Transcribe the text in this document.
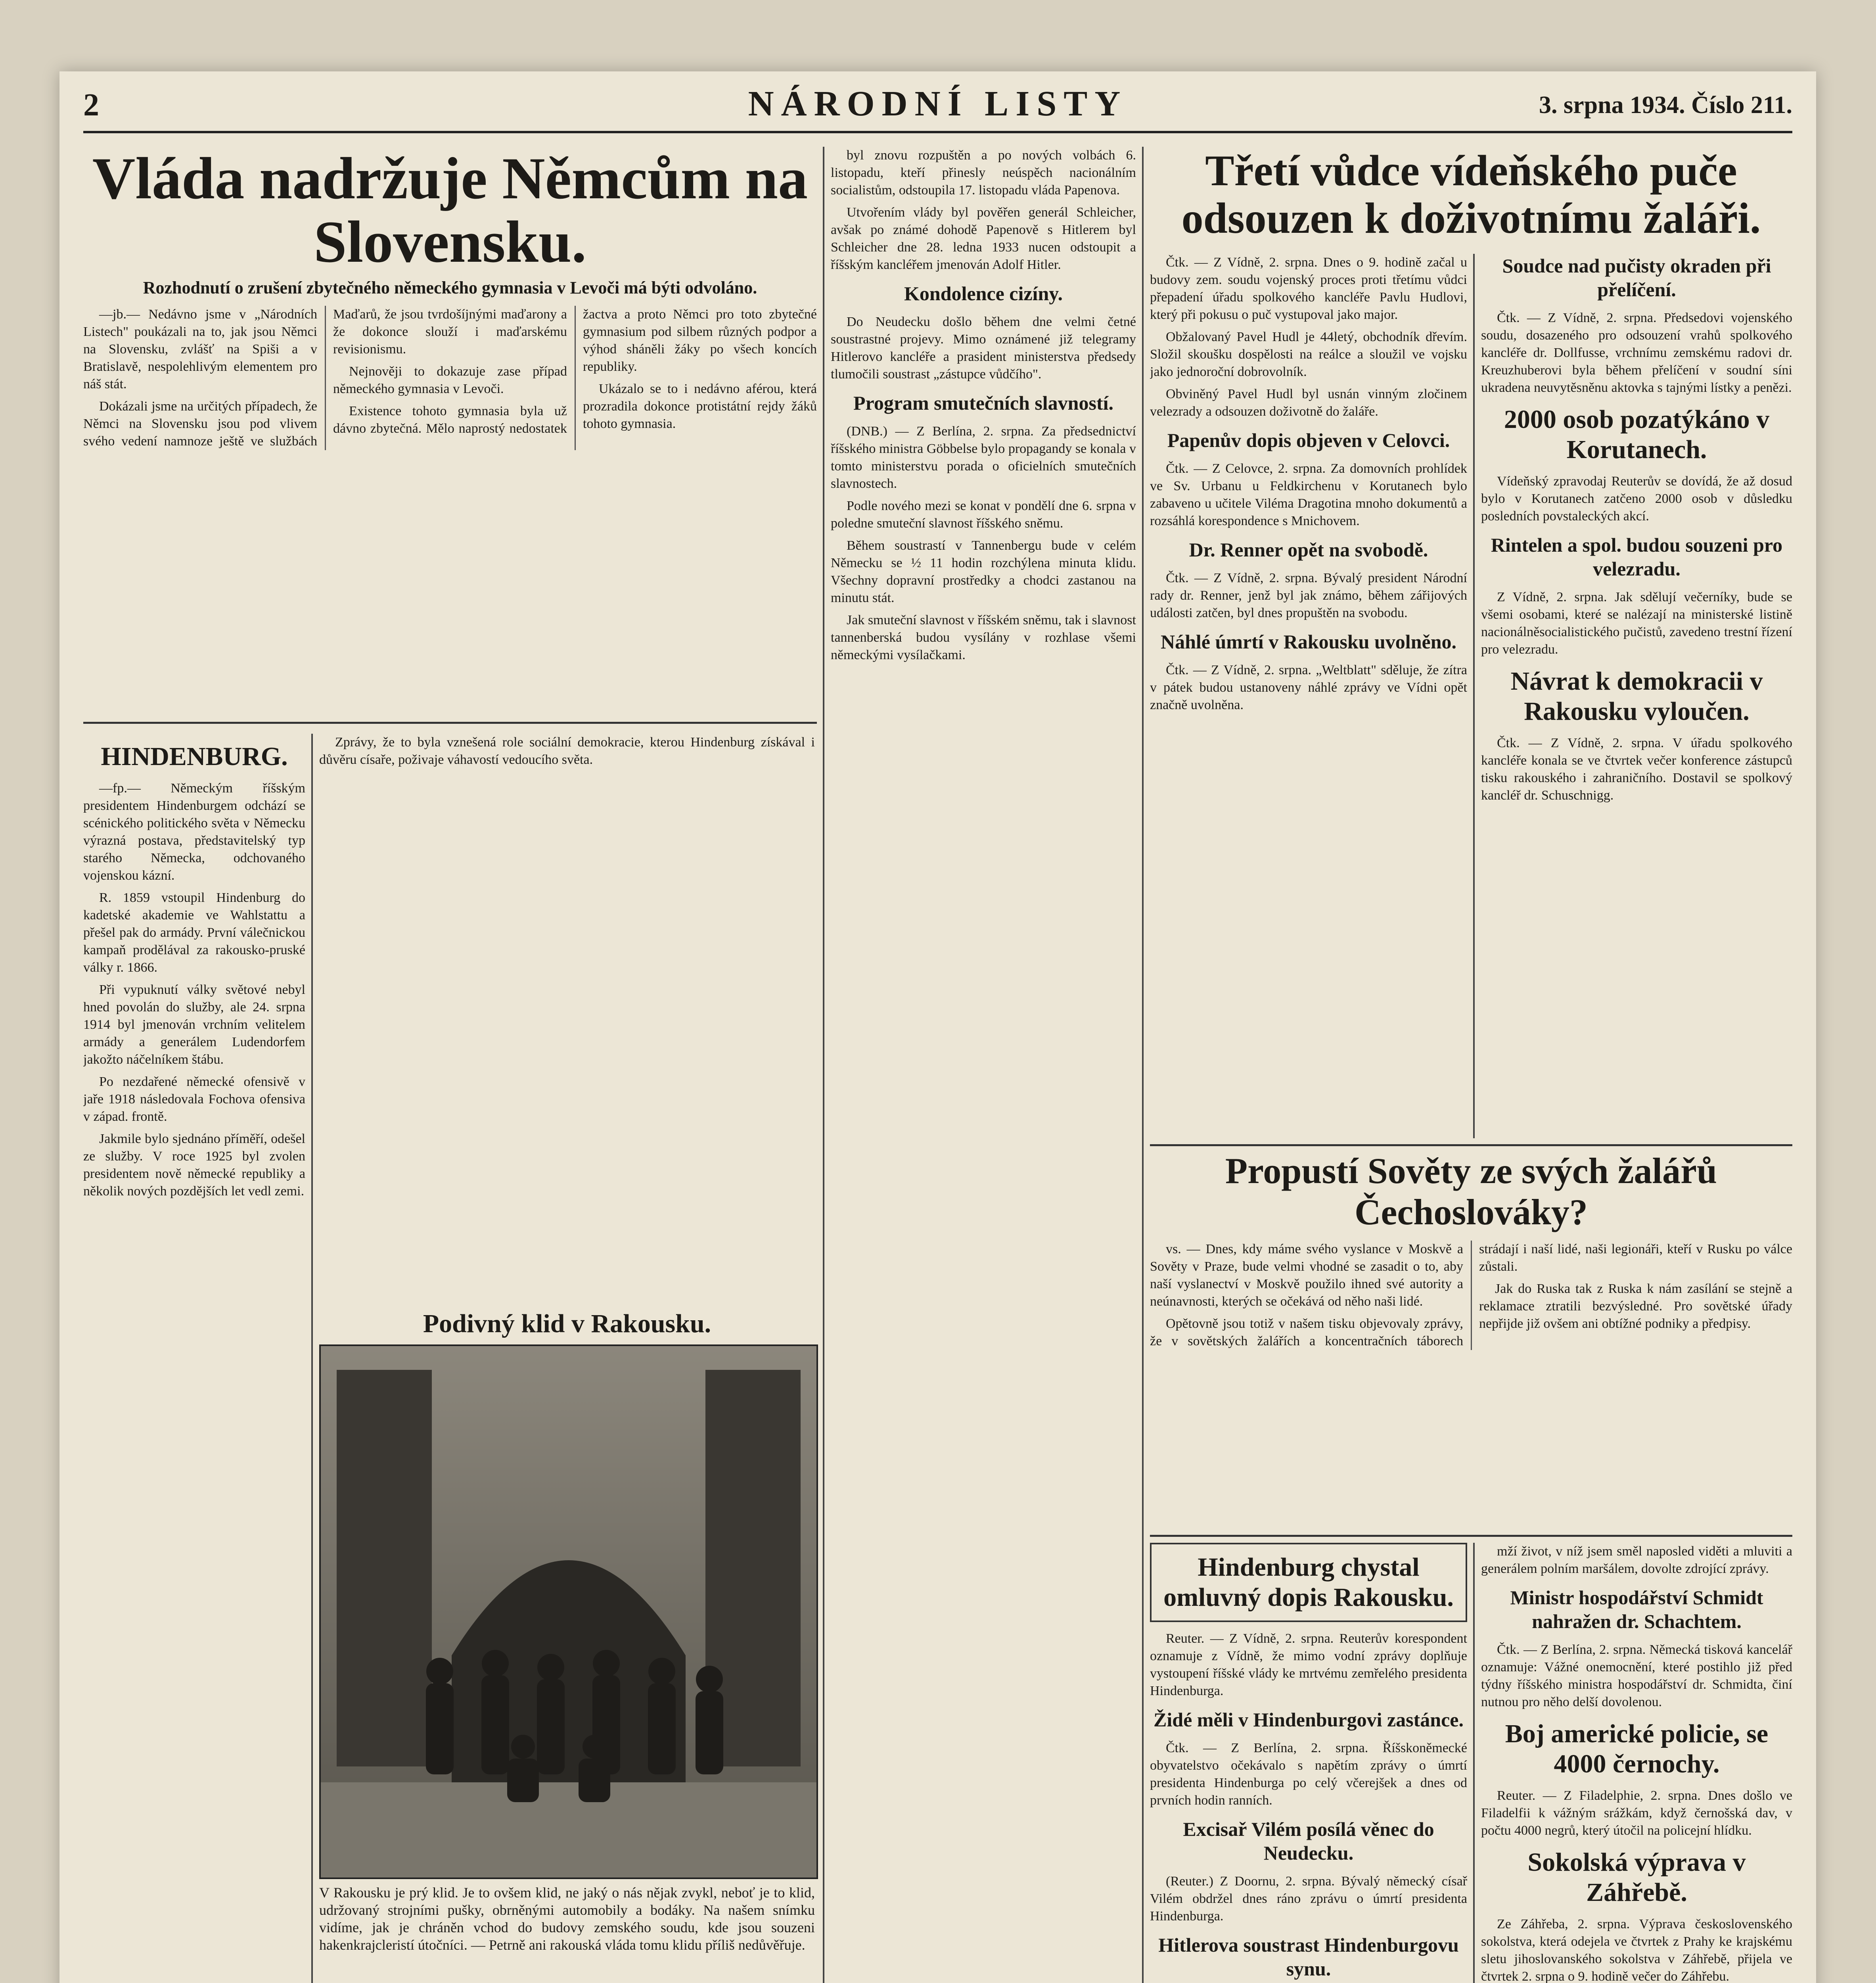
2	NÁRODNÍ LISTY	3. srpna 1934. Číslo 211.
Vláda nadržuje Němcům na Slovensku.
Rozhodnutí o zrušení zbytečného německého gymnasia v Levoči má býti odvoláno.

—jb.— Nedávno jsme v „Národních Listech" poukázali na to, jak jsou Němci na Slovensku, zvlášť na Spiši a v Bratislavě, nespolehlivým elementem pro náš stát.

Dokázali jsme na určitých případech, že Němci na Slovensku jsou pod vlivem svého vedení namnoze ještě ve službách Maďarů, že jsou tvrdošíjnými maďarony a že dokonce slouží i maďarskému revisionismu.

Nejnověji to dokazuje zase případ německého gymnasia v Levoči.

Existence tohoto gymnasia byla už dávno zbytečná. Mělo naprostý nedostatek žactva a proto Němci pro toto zbytečné gymnasium pod silbem různých podpor a výhod sháněli žáky po všech koncích republiky.

Ukázalo se to i nedávno aférou, která prozradila dokonce protistátní rejdy žáků tohoto gymnasia.

HINDENBURG.

—fp.— Německým říšským presidentem Hindenburgem odchází se scénického politického světa v Německu výrazná postava, představitelský typ starého Německa, odchovaného vojenskou kázní.

R. 1859 vstoupil Hindenburg do kadetské akademie ve Wahlstattu a přešel pak do armády. První válečnickou kampaň prodělával za rakousko-pruské války r. 1866.

Při vypuknutí války světové nebyl hned povolán do služby, ale 24. srpna 1914 byl jmenován vrchním velitelem armády a generálem Ludendorfem jakožto náčelníkem štábu.

Po nezdařené německé ofensivě v jaře 1918 následovala Fochova ofensiva v západ. frontě.

Jakmile bylo sjednáno příměří, odešel ze služby. V roce 1925 byl zvolen presidentem nově německé republiky a několik nových pozdějších let vedl zemi.

Zprávy, že to byla vznešená role sociální demokracie, kterou Hindenburg získával i důvěru císaře, poživaje váhavostí vedoucího světa.

Podivný klid v Rakousku.
V Rakousku je prý klid. Je to ovšem klid, ne jaký o nás nějak zvykl, neboť je to klid, udržovaný strojními pušky, obrněnými automobily a bodáky. Na našem snímku vidíme, jak je chráněn vchod do budovy zemského soudu, kde jsou souzeni hakenkrajcleristí útočníci. — Petrně ani rakouská vláda tomu klidu příliš nedůvěřuje.

byl znovu rozpuštěn a po nových volbách 6. listopadu, kteří přinesly neúspěch nacionálním socialistům, odstoupila 17. listopadu vláda Papenova.

Utvořením vlády byl pověřen generál Schleicher, avšak po známé dohodě Papenově s Hitlerem byl Schleicher dne 28. ledna 1933 nucen odstoupit a říšským kancléřem jmenován Adolf Hitler.

Kondolence cizíny.

Do Neudecku došlo během dne velmi četné soustrastné projevy. Mimo oznámené již telegramy Hitlerovo kancléře a prasident ministerstva předsedy tlumočili soustrast „zástupce vůdčího".

Program smutečních slavností.

(DNB.) — Z Berlína, 2. srpna. Za předsednictví říšského ministra Göbbelse bylo propagandy se konala v tomto ministerstvu porada o oficielních smutečních slavnostech.

Podle nového mezi se konat v pondělí dne 6. srpna v poledne smuteční slavnost říšského sněmu.

Během soustrastí v Tannenbergu bude v celém Německu se ½ 11 hodin rozchýlena minuta klidu. Všechny dopravní prostředky a chodci zastanou na minutu stát.

Jak smuteční slavnost v říšském sněmu, tak i slavnost tannenberská budou vysílány v rozhlase všemi německými vysílačkami.

Třetí vůdce vídeňského puče odsouzen k doživotnímu žaláři.

Čtk. — Z Vídně, 2. srpna. Dnes o 9. hodině začal u budovy zem. soudu vojenský proces proti třetímu vůdci přepadení úřadu spolkového kancléře Pavlu Hudlovi, který při pokusu o puč vystupoval jako major.

Obžalovaný Pavel Hudl je 44letý, obchodník dřevím. Složil skoušku dospělosti na reálce a sloužil ve vojsku jako jednoroční dobrovolník.

Obviněný Pavel Hudl byl usnán vinným zločinem velezrady a odsouzen doživotně do žaláře.

Papenův dopis objeven v Celovci.

Čtk. — Z Celovce, 2. srpna. Za domovních prohlídek ve Sv. Urbanu u Feldkirchenu v Korutanech bylo zabaveno u učitele Viléma Dragotina mnoho dokumentů a rozsáhlá korespondence s Mnichovem.

Dr. Renner opět na svobodě.

Čtk. — Z Vídně, 2. srpna. Bývalý president Národní rady dr. Renner, jenž byl jak známo, během zářijových události zatčen, byl dnes propuštěn na svobodu.

Náhlé úmrtí v Rakousku uvolněno.

Čtk. — Z Vídně, 2. srpna. „Weltblatt" sděluje, že zítra v pátek budou ustanoveny náhlé zprávy ve Vídni opět značně uvolněna.

Soudce nad pučisty okraden při přelíčení.

Čtk. — Z Vídně, 2. srpna. Předsedovi vojenského soudu, dosazeného pro odsouzení vrahů spolkového kancléře dr. Dollfusse, vrchnímu zemskému radovi dr. Kreuzhuberovi byla během přelíčení v soudní síni ukradena neuvytěsněnu aktovka s tajnými lístky a penězi.

2000 osob pozatýkáno v Korutanech.

Vídeňský zpravodaj Reuterův se dovídá, že až dosud bylo v Korutanech zatčeno 2000 osob v důsledku posledních povstaleckých akcí.

Rintelen a spol. budou souzeni pro velezradu.

Z Vídně, 2. srpna. Jak sdělují večerníky, bude se všemi osobami, které se nalézají na ministerské listině nacionálněsocialistického pučistů, zavedeno trestní řízení pro velezradu.

Návrat k demokracii v Rakousku vyloučen.

Čtk. — Z Vídně, 2. srpna. V úřadu spolkového kancléře konala se ve čtvrtek večer konference zástupců tisku rakouského i zahraničního. Dostavil se spolkový kancléř dr. Schuschnigg.

Propustí Sověty ze svých žalářů Čechoslováky?

vs. — Dnes, kdy máme svého vyslance v Moskvě a Sověty v Praze, bude velmi vhodné se zasadit o to, aby naší vyslanectví v Moskvě použilo ihned své autority a neúnavnosti, kterých se očekává od něho naši lidé.

Opětovně jsou totiž v našem tisku objevovaly zprávy, že v sovětských žalářích a koncentračních táborech strádají i naší lidé, naši legionáři, kteří v Rusku po válce zůstali.

Jak do Ruska tak z Ruska k nám zasílání se stejně a reklamace ztratili bezvýsledné. Pro sovětské úřady nepřijde již ovšem ani obtížné podniky a předpisy.

Hindenburg chystal omluvný dopis Rakousku.

Reuter. — Z Vídně, 2. srpna. Reuterův korespondent oznamuje z Vídně, že mimo vodní zprávy doplňuje vystoupení říšské vlády ke mrtvému zemřelého presidenta Hindenburga.

Židé měli v Hindenburgovi zastánce.

Čtk. — Z Berlína, 2. srpna. Říšskoněmecké obyvatelstvo očekávalo s napětím zprávy o úmrtí presidenta Hindenburga po celý včerejšek a dnes od prvních hodin ranních.

Excisař Vilém posílá věnec do Neudecku.

(Reuter.) Z Doornu, 2. srpna. Bývalý německý císař Vilém obdržel dnes ráno zprávu o úmrtí presidenta Hindenburga.

Hitlerova soustrast Hindenburgovu synu.

mží život, v níž jsem směl naposled viděti a mluviti a generálem polním maršálem, dovolte zdrojící zprávy.

Ministr hospodářství Schmidt nahražen dr. Schachtem.

Čtk. — Z Berlína, 2. srpna. Německá tisková kancelář oznamuje: Vážné onemocnění, které postihlo již před týdny říšského ministra hospodářství dr. Schmidta, činí nutnou pro něho delší dovolenou.

Boj americké policie, se 4000 černochy.

Reuter. — Z Filadelphie, 2. srpna. Dnes došlo ve Filadelfii k vážným srážkám, když černošská dav, v počtu 4000 negrů, který útočil na policejní hlídku.

Sokolská výprava v Záhřebě.

Ze Záhřeba, 2. srpna. Výprava československého sokolstva, která odejela ve čtvrtek z Prahy ke krajskému sletu jihoslovanského sokolstva v Záhřebě, přijela ve čtvrtek 2. srpna o 9. hodině večer do Záhřebu.
